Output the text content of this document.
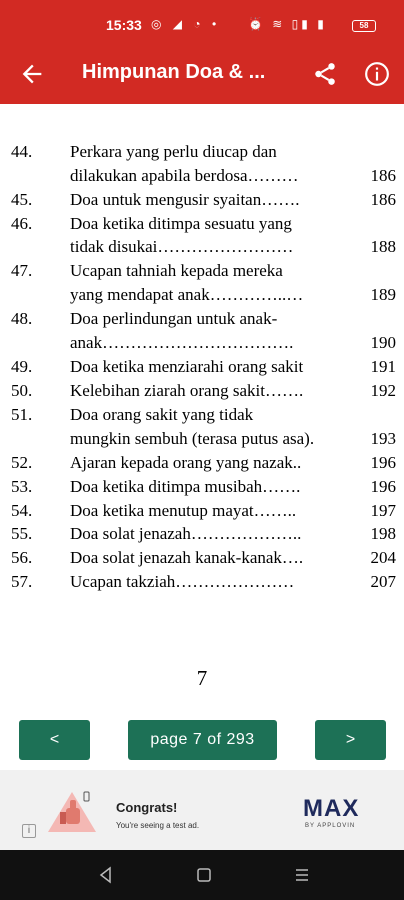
15:33 ◎ ◢ ◔ • ⏰ ≋ ▯▮ ▮	58
Himpunan Doa & ...
44. Perkara yang perlu diucap dan
dilakukan apabila berdosa………	186
45. Doa untuk mengusir syaitan…….	186
46. Doa ketika ditimpa sesuatu yang
tidak disukai……………………	188
47. Ucapan tahniah kepada mereka
yang mendapat anak…………..…	189
48. Doa perlindungan untuk anak-
anak…………………………….	190
49. Doa ketika menziarahi orang sakit	191
50. Kelebihan ziarah orang sakit…….	192
51. Doa orang sakit yang tidak
mungkin sembuh (terasa putus asa).	193
52. Ajaran kepada orang yang nazak..	196
53. Doa ketika ditimpa musibah…….	196
54. Doa ketika menutup mayat……..	197
55. Doa solat jenazah………………..	198
56. Doa solat jenazah kanak-kanak….	204
57. Ucapan takziah…………………	207
7
<	page 7 of 293	>
i
Congrats!
You're seeing a test ad.
MAX
BY APPLOVIN
